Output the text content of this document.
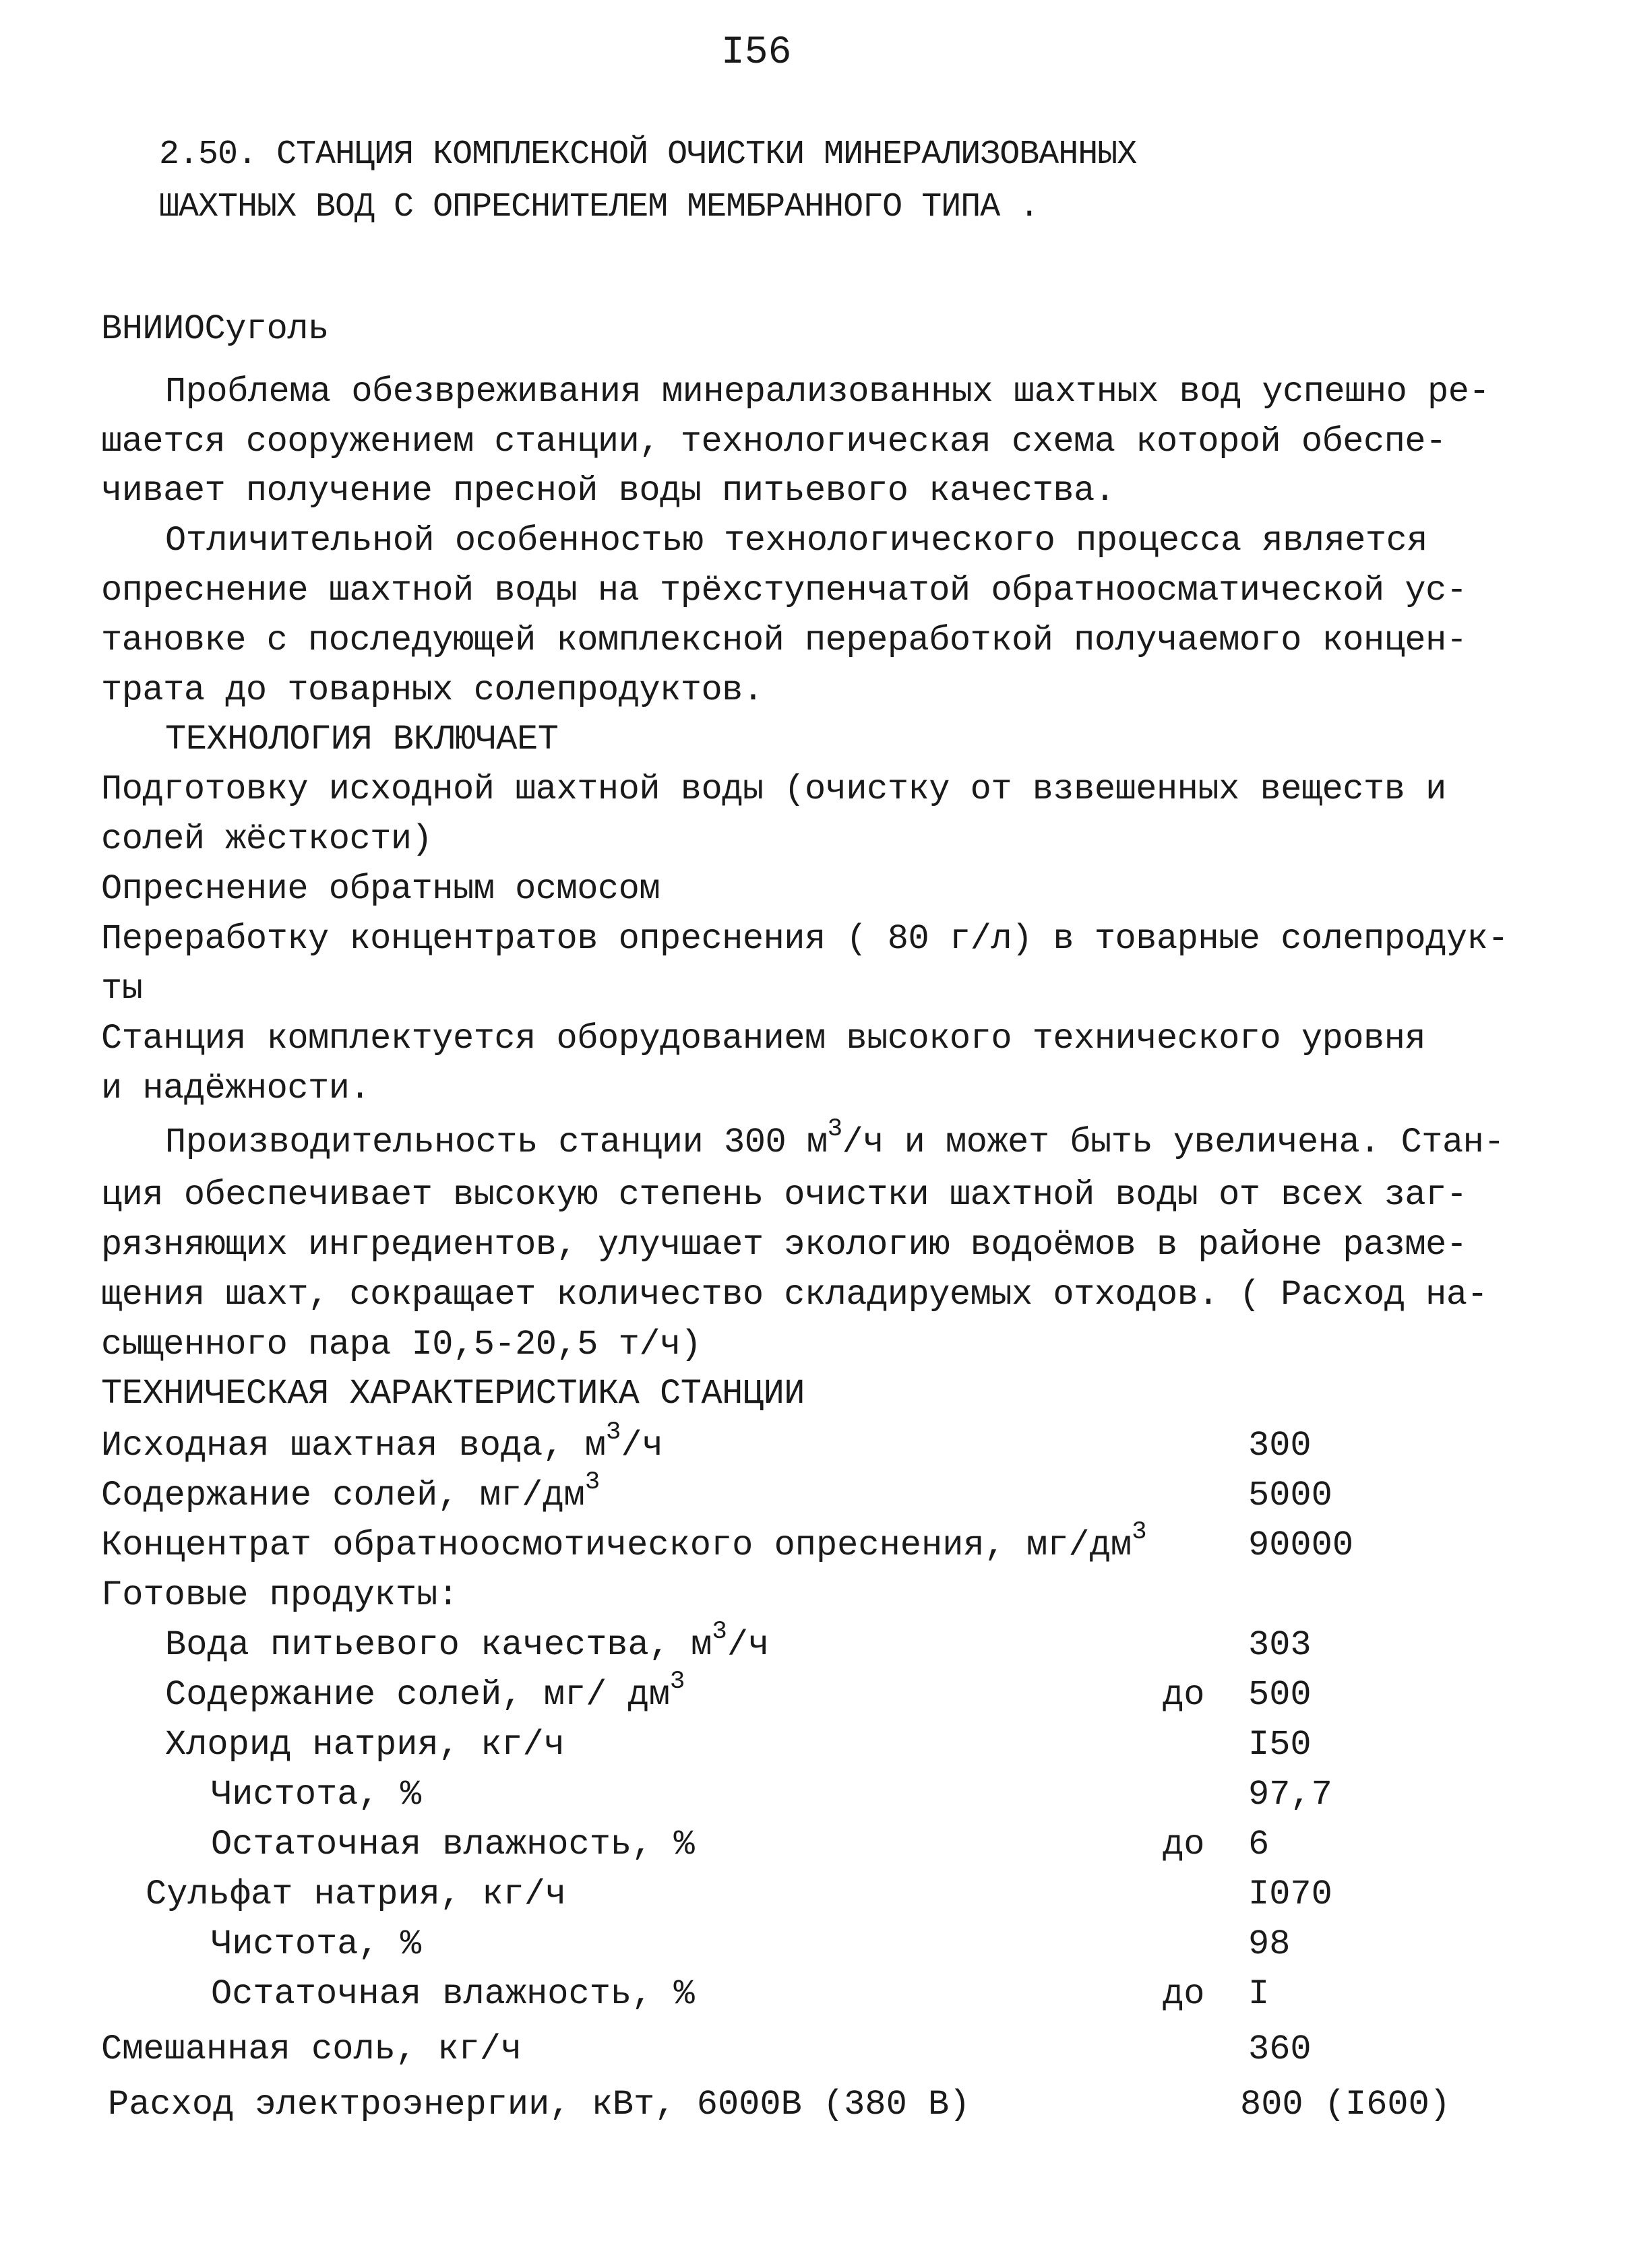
I56
2.50. СТАНЦИЯ КОМПЛЕКСНОЙ ОЧИСТКИ МИНЕРАЛИЗОВАННЫХ
ШАХТНЫХ ВОД С ОПРЕСНИТЕЛЕМ МЕМБРАННОГО ТИПА .
ВНИИОСуголь
Проблема обезвреживания минерализованных шахтных вод успешно ре-
шается сооружением станции, технологическая схема которой обеспе-
чивает получение пресной воды питьевого качества.
Отличительной особенностью технологического процесса является
опреснение шахтной воды на трёхступенчатой обратноосматической ус-
тановке с последующей комплексной переработкой получаемого концен-
трата до товарных солепродуктов.
ТЕХНОЛОГИЯ ВКЛЮЧАЕТ
Подготовку исходной шахтной воды (очистку от взвешенных веществ и
солей жёсткости)
Опреснение обратным осмосом
Переработку концентратов опреснения ( 80 г/л) в товарные солепродук-
ты
Станция комплектуется оборудованием высокого технического уровня
и надёжности.
Производительность станции 300 $м^3/ч$ и может быть увеличена. Стан-
ция обеспечивает высокую степень очистки шахтной воды от всех заг-
рязняющих ингредиентов, улучшает экологию водоёмов в районе разме-
щения шахт, сокращает количество складируемых отходов. ( Расход на-
сыщенного пара I0,5-20,5 т/ч)
ТЕХНИЧЕСКАЯ ХАРАКТЕРИСТИКА СТАНЦИИ
Исходная шахтная вода, $м^3/ч$	300
Содержание солей, $мг/дм^3$	5000
Концентрат обратноосмотического опреснения, $мг/дм^3$	90000
Готовые продукты:
Вода питьевого качества, $м^3/ч$	303
Содержание солей, мг/ $дм^3$	до 500
Хлорид натрия, кг/ч	I50
Чистота, %	97,7
Остаточная влажность, %	до 6
Сульфат натрия, кг/ч	I070
Чистота, %	98
Остаточная влажность, %	до I
Смешанная соль, кг/ч	360
Расход электроэнергии, кВт, 6000В (380 В)	800 (I600)
